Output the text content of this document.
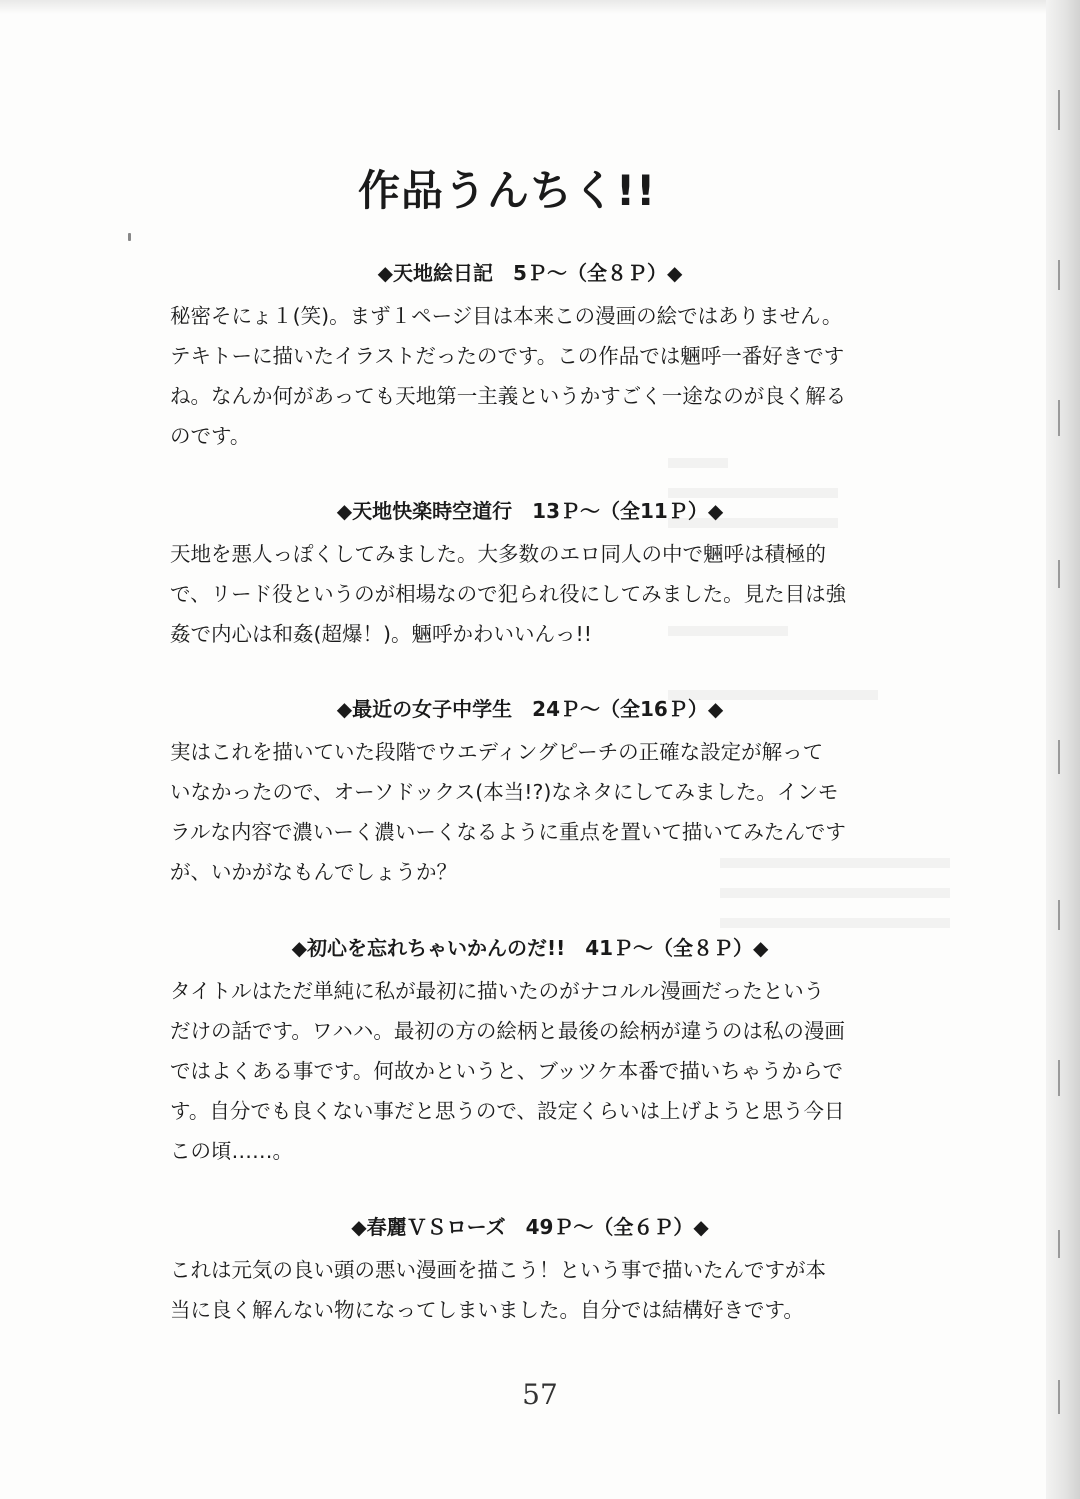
作品うんちく!!
◆天地絵日記　5Ｐ～（全８Ｐ）◆
秘密そにょ１(笑)。まず１ページ目は本来この漫画の絵ではありません。
テキトーに描いたイラストだったのです。この作品では魎呼一番好きです
ね。なんか何があっても天地第一主義というかすごく一途なのが良く解る
のです。
◆天地快楽時空道行　13Ｐ～（全11Ｐ）◆
天地を悪人っぽくしてみました。大多数のエロ同人の中で魎呼は積極的
で、リード役というのが相場なので犯られ役にしてみました。見た目は強
姦で内心は和姦(超爆！)。魎呼かわいいんっ!!
◆最近の女子中学生　24Ｐ～（全16Ｐ）◆
実はこれを描いていた段階でウエディングピーチの正確な設定が解って
いなかったので、オーソドックス(本当!?)なネタにしてみました。インモ
ラルな内容で濃いーく濃いーくなるように重点を置いて描いてみたんです
が、いかがなもんでしょうか？
◆初心を忘れちゃいかんのだ!!　41Ｐ～（全８Ｐ）◆
タイトルはただ単純に私が最初に描いたのがナコルル漫画だったという
だけの話です。ワハハ。最初の方の絵柄と最後の絵柄が違うのは私の漫画
ではよくある事です。何故かというと、ブッツケ本番で描いちゃうからで
す。自分でも良くない事だと思うので、設定くらいは上げようと思う今日
この頃……。
◆春麗ＶＳローズ　49Ｐ～（全６Ｐ）◆
これは元気の良い頭の悪い漫画を描こう！という事で描いたんですが本
当に良く解んない物になってしまいました。自分では結構好きです。
57
